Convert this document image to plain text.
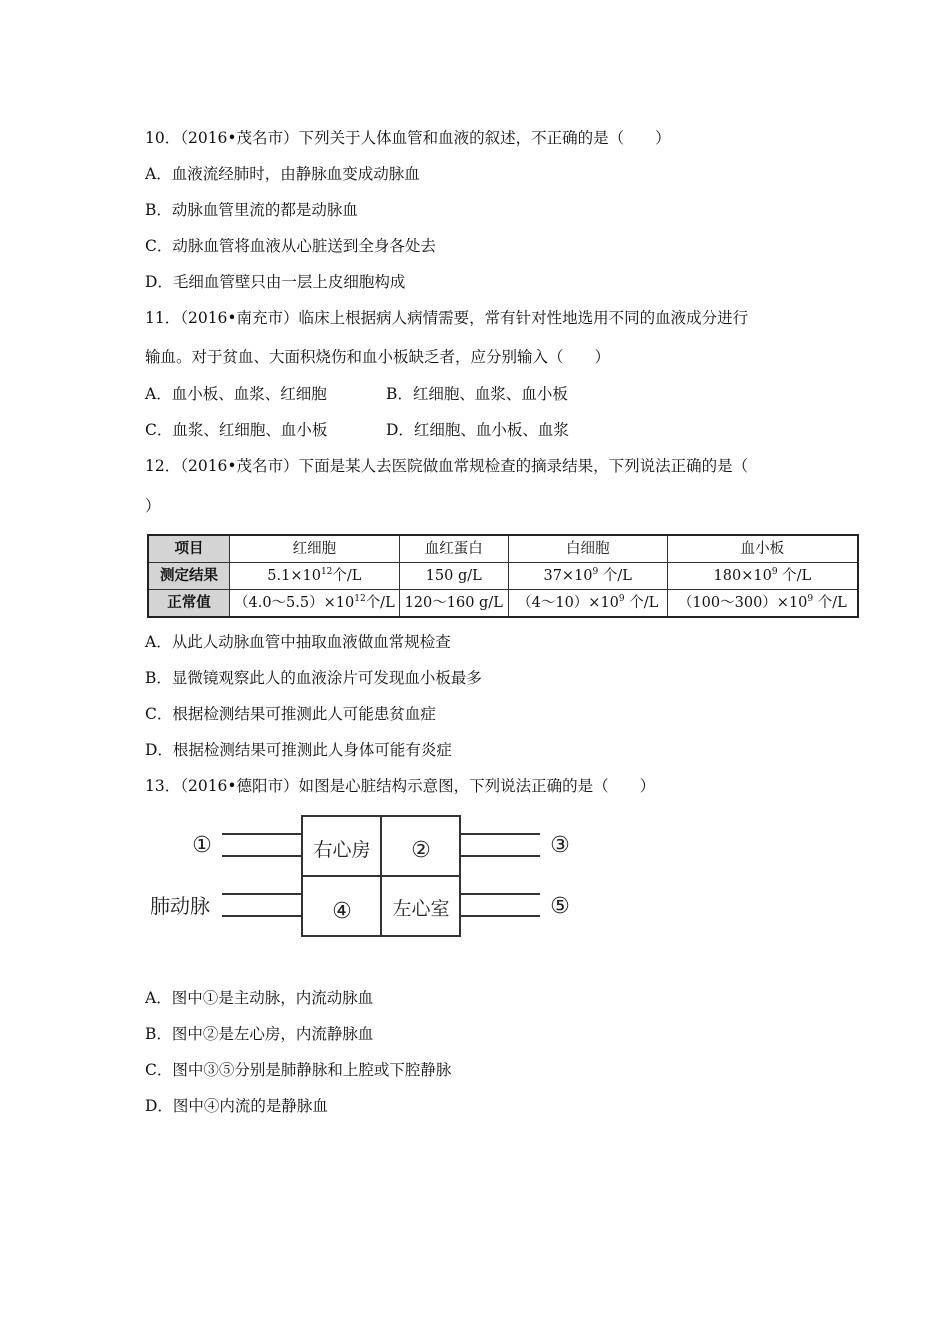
10．（2016•茂名市）下列关于人体血管和血液的叙述，不正确的是（　　）
A．血液流经肺时，由静脉血变成动脉血
B．动脉血管里流的都是动脉血
C．动脉血管将血液从心脏送到全身各处去
D．毛细血管壁只由一层上皮细胞构成
11．（2016•南充市）临床上根据病人病情需要，常有针对性地选用不同的血液成分进行
输血。对于贫血、大面积烧伤和血小板缺乏者，应分别输入（　　）
A．血小板、血浆、红细胞	B．红细胞、血浆、血小板
C．血浆、红细胞、血小板	D．红细胞、血小板、血浆
12．（2016•茂名市）下面是某人去医院做血常规检查的摘录结果，下列说法正确的是（
）
项目	红细胞	血红蛋白	白细胞	血小板
测定结果	$5.1\times 10^{12}$个/L	150 g/L	$37\times 10^9$ 个/L	$180\times 10^9$ 个/L
正常值	$(4.0\sim 5.5)\times 10^{12}$个/L	120～160 g/L	$(4\sim 10)\times 10^9$ 个/L	$(100\sim 300)\times 10^9$ 个/L
A．从此人动脉血管中抽取血液做血常规检查
B．显微镜观察此人的血液涂片可发现血小板最多
C．根据检测结果可推测此人可能患贫血症
D．根据检测结果可推测此人身体可能有炎症
13．（2016•德阳市）如图是心脏结构示意图，下列说法正确的是（　　）
①
肺动脉
右心房 ②
④ 左心室
③
⑤
A．图中①是主动脉，内流动脉血
B．图中②是左心房，内流静脉血
C．图中③⑤分别是肺静脉和上腔或下腔静脉
D．图中④内流的是静脉血
